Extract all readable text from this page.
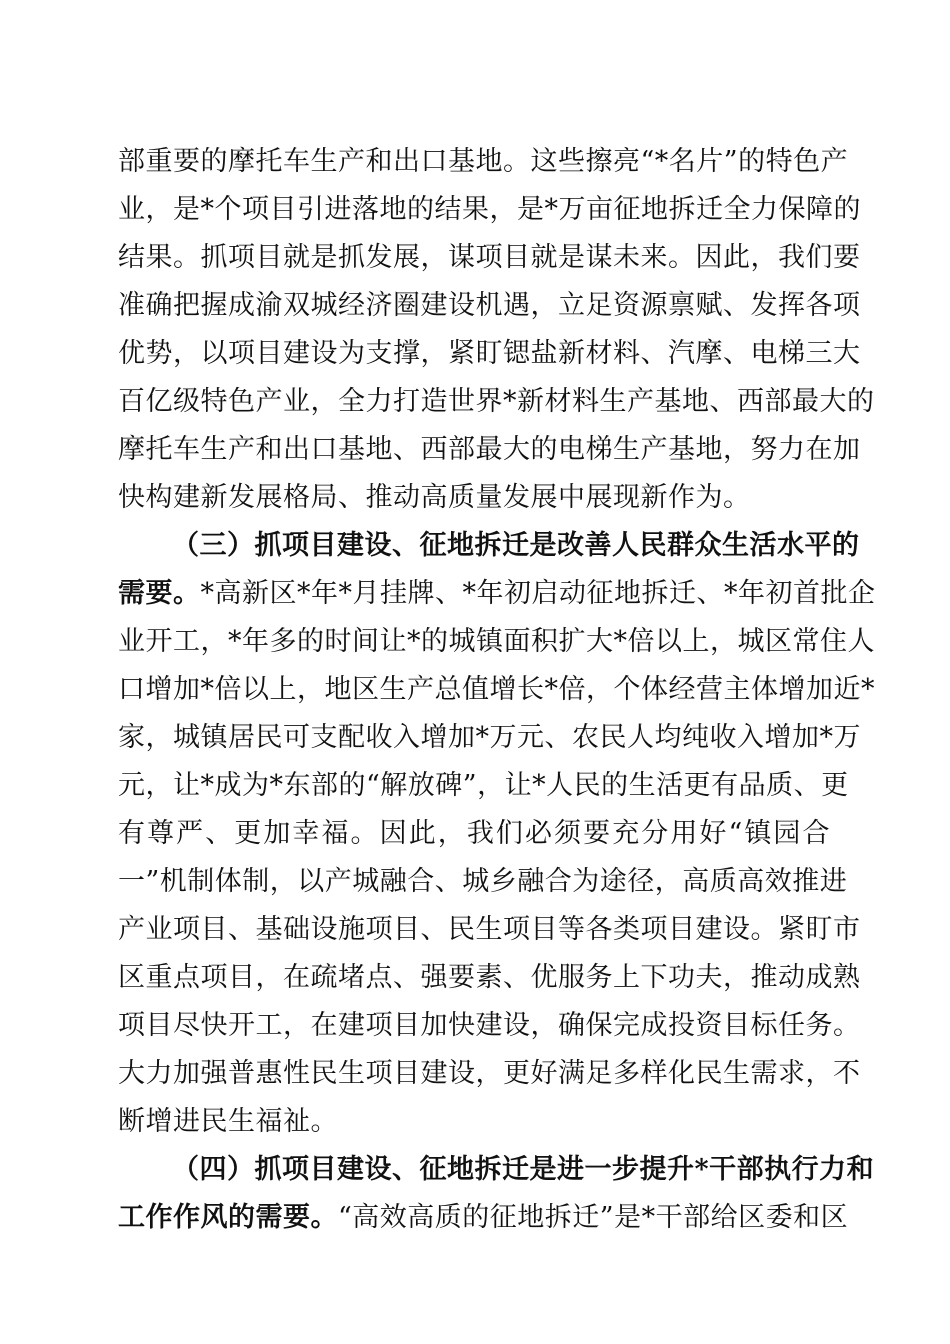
部重要的摩托车生产和出口基地。这些擦亮“*名片”的特色产
业，是*个项目引进落地的结果，是*万亩征地拆迁全力保障的
结果。抓项目就是抓发展，谋项目就是谋未来。因此，我们要
准确把握成渝双城经济圈建设机遇，立足资源禀赋、发挥各项
优势，以项目建设为支撑，紧盯锶盐新材料、汽摩、电梯三大
百亿级特色产业，全力打造世界*新材料生产基地、西部最大的
摩托车生产和出口基地、西部最大的电梯生产基地，努力在加
快构建新发展格局、推动高质量发展中展现新作为。
（三）抓项目建设、征地拆迁是改善人民群众生活水平的
需要。*高新区*年*月挂牌、*年初启动征地拆迁、*年初首批企
业开工，*年多的时间让*的城镇面积扩大*倍以上，城区常住人
口增加*倍以上，地区生产总值增长*倍，个体经营主体增加近*
家，城镇居民可支配收入增加*万元、农民人均纯收入增加*万
元，让*成为*东部的“解放碑”，让*人民的生活更有品质、更
有尊严、更加幸福。因此，我们必须要充分用好“镇园合
一”机制体制，以产城融合、城乡融合为途径，高质高效推进
产业项目、基础设施项目、民生项目等各类项目建设。紧盯市
区重点项目，在疏堵点、强要素、优服务上下功夫，推动成熟
项目尽快开工，在建项目加快建设，确保完成投资目标任务。
大力加强普惠性民生项目建设，更好满足多样化民生需求，不
断增进民生福祉。
（四）抓项目建设、征地拆迁是进一步提升*干部执行力和
工作作风的需要。“高效高质的征地拆迁”是*干部给区委和区
